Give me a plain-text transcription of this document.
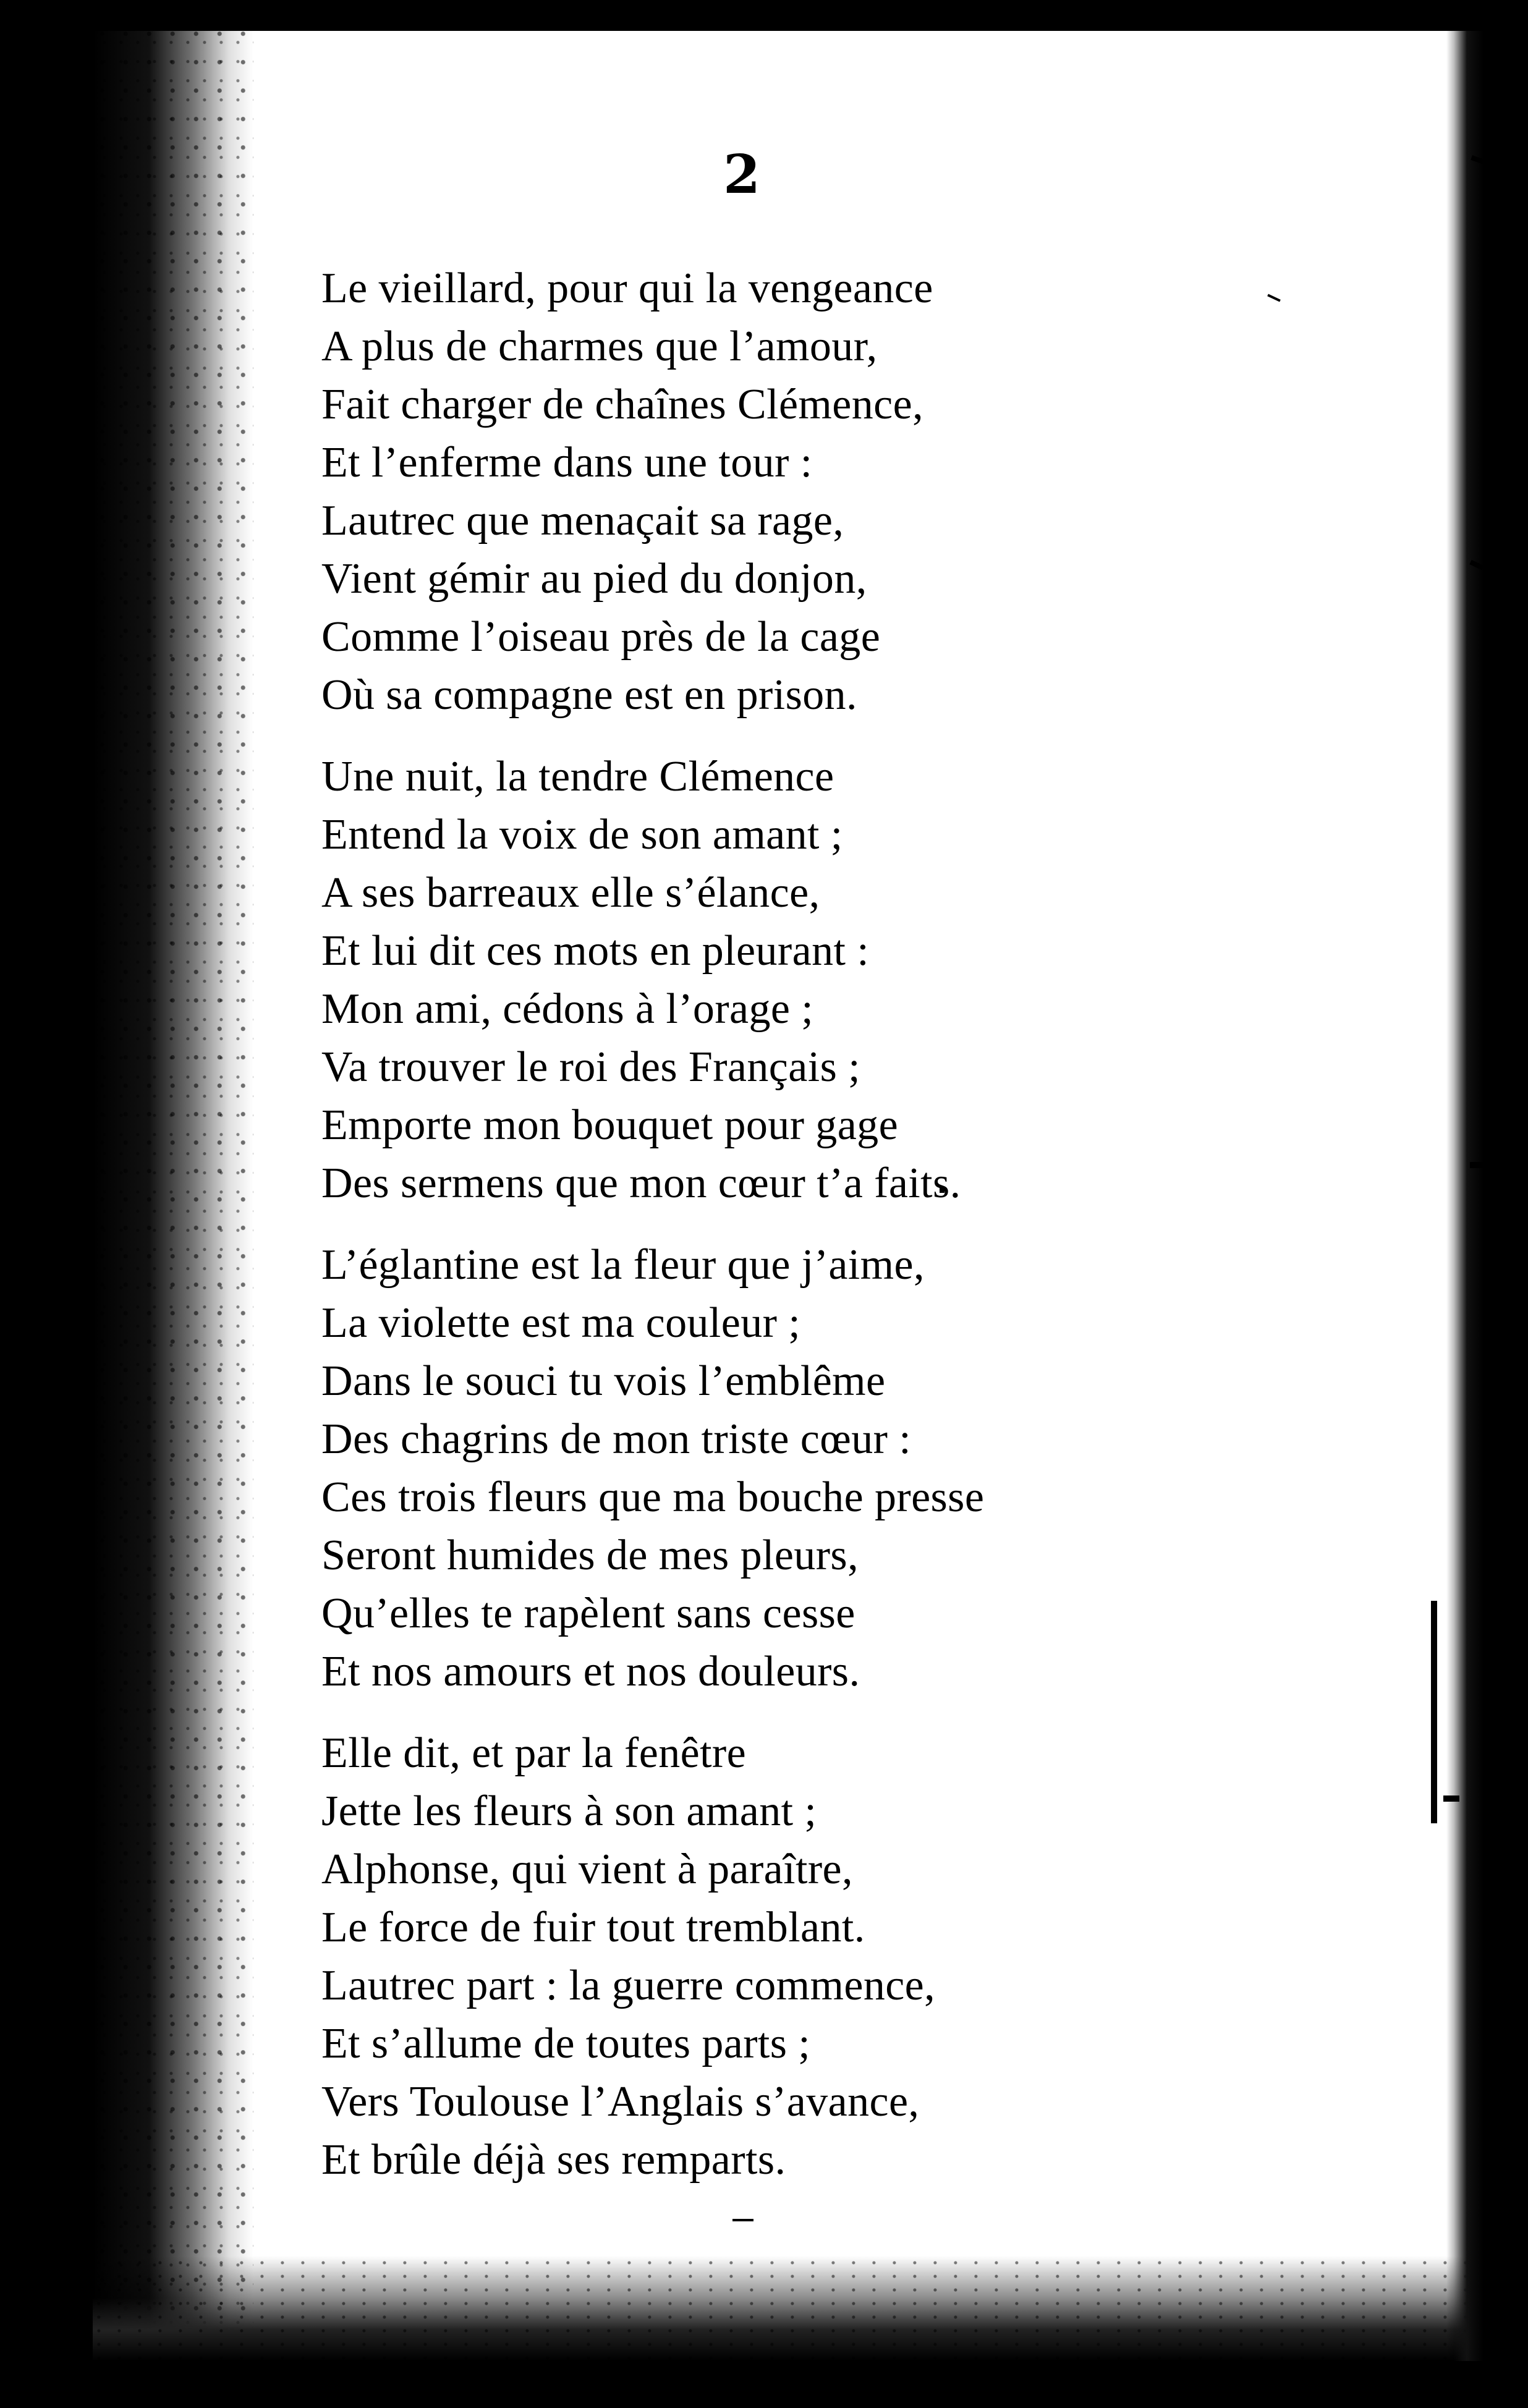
2
Le vieillard, pour qui la vengeance
A plus de charmes que l’amour,
Fait charger de chaînes Clémence,
Et l’enferme dans une tour :
Lautrec que menaçait sa rage,
Vient gémir au pied du donjon,
Comme l’oiseau près de la cage
Où sa compagne est en prison.
Une nuit, la tendre Clémence
Entend la voix de son amant ;
A ses barreaux elle s’élance,
Et lui dit ces mots en pleurant :
Mon ami, cédons à l’orage ;
Va trouver le roi des Français ;
Emporte mon bouquet pour gage
Des sermens que mon cœur t’a faits.
L’églantine est la fleur que j’aime,
La violette est ma couleur ;
Dans le souci tu vois l’emblême
Des chagrins de mon triste cœur :
Ces trois fleurs que ma bouche presse
Seront humides de mes pleurs,
Qu’elles te rapèlent sans cesse
Et nos amours et nos douleurs.
Elle dit, et par la fenêtre
Jette les fleurs à son amant ;
Alphonse, qui vient à paraître,
Le force de fuir tout tremblant.
Lautrec part : la guerre commence,
Et s’allume de toutes parts ;
Vers Toulouse l’Anglais s’avance,
Et brûle déjà ses remparts.
